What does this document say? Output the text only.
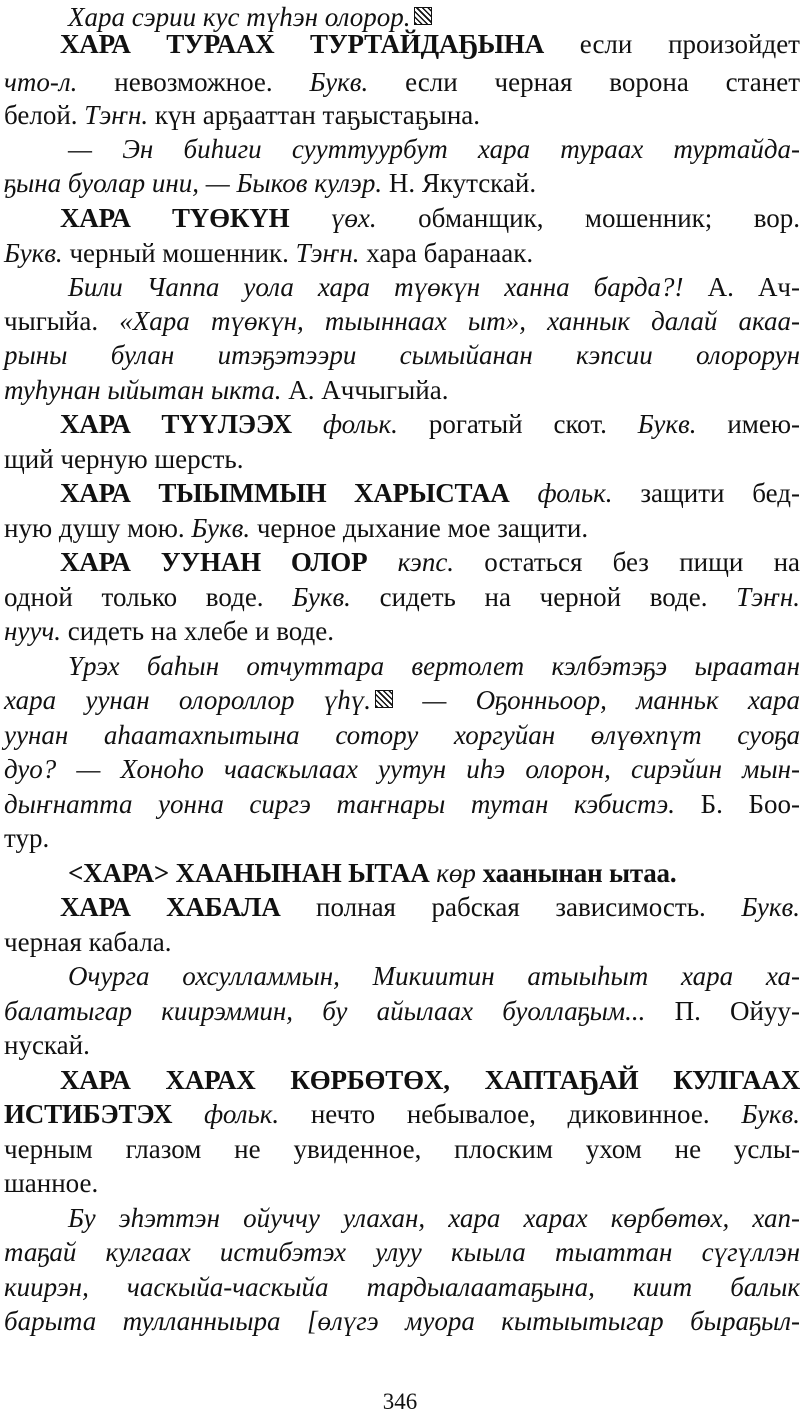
Хара сэрии кус түһэн олорор.
ХАРА ТУРААХ ТУРТАЙДАҔЫНА если произойдет
что-л. невозможное. Букв. если черная ворона станет
белой. Тэҥн. күн арҕааттан таҕыстаҕына.
— Эн биһиги сууттуурбут хара тураах туртайда-
ҕына буолар ини, — Быков кулэр. Н. Якутскай.
ХАРА ТҮӨКҮН үөх. обманщик, мошенник; вор.
Букв. черный мошенник. Тэҥн. хара баранаак.
Били Чаппа уола хара түөкүн ханна барда?! А. Ач-
чыгыйа. «Хара түөкүн, тыыннаах ыт», ханнык далай акаа-
рыны булан итэҕэтээри сымыйанан кэпсии олорорун
туһунан ыйытан ыкта. А. Аччыгыйа.
ХАРА ТҮҮЛЭЭХ фольк. рогатый скот. Букв. имею-
щий черную шерсть.
ХАРА ТЫЫММЫН ХАРЫСТАА фольк. защити бед-
ную душу мою. Букв. черное дыхание мое защити.
ХАРА УУНАН ОЛОР кэпс. остаться без пищи на
одной только воде. Букв. сидеть на черной воде. Тэҥн.
нууч. сидеть на хлебе и воде.
Үрэх баһын отчуттара вертолет кэлбэтэҕэ ыраатан
хара уунан олороллор үһү. — Оҕонньоор, манньк хара
уунан аһаатахпытына сотору хоргуйан өлүөхпүт суоҕа
дуо? — Хоноһо чаасҝылаах уутун иһэ олорон, сирэйин мын-
дыҥнатта уонна сиргэ таҥнары тутан кэбистэ. Б. Боо-
тур.
<ХАРА> ХААНЫНАН ЫТАА көр хаанынан ытаа.
ХАРА ХАБАЛА полная рабская зависимость. Букв.
черная кабала.
Очурга охсулламмын, Микиитин атыыһыт хара ха-
балатыгар киирэммин, бу айылаах буоллаҕым... П. Ойуу-
нускай.
ХАРА ХАРАХ КӨРБӨТӨХ, ХАПТАҔАЙ КУЛГААХ
ИСТИБЭТЭХ фольк. нечто небывалое, диковинное. Букв.
черным глазом не увиденное, плоским ухом не услы-
шанное.
Бу эһэттэн ойуччу улахан, хара харах көрбөтөх, хап-
таҕай кулгаах истибэтэх улуу кыыла тыаттан сүгүллэн
киирэн, часкыйа-часкыйа тардыалаатаҕына, киит балык
барыта тулланныыра [өлүгэ муора кытыытыгар быраҕыл-
346
